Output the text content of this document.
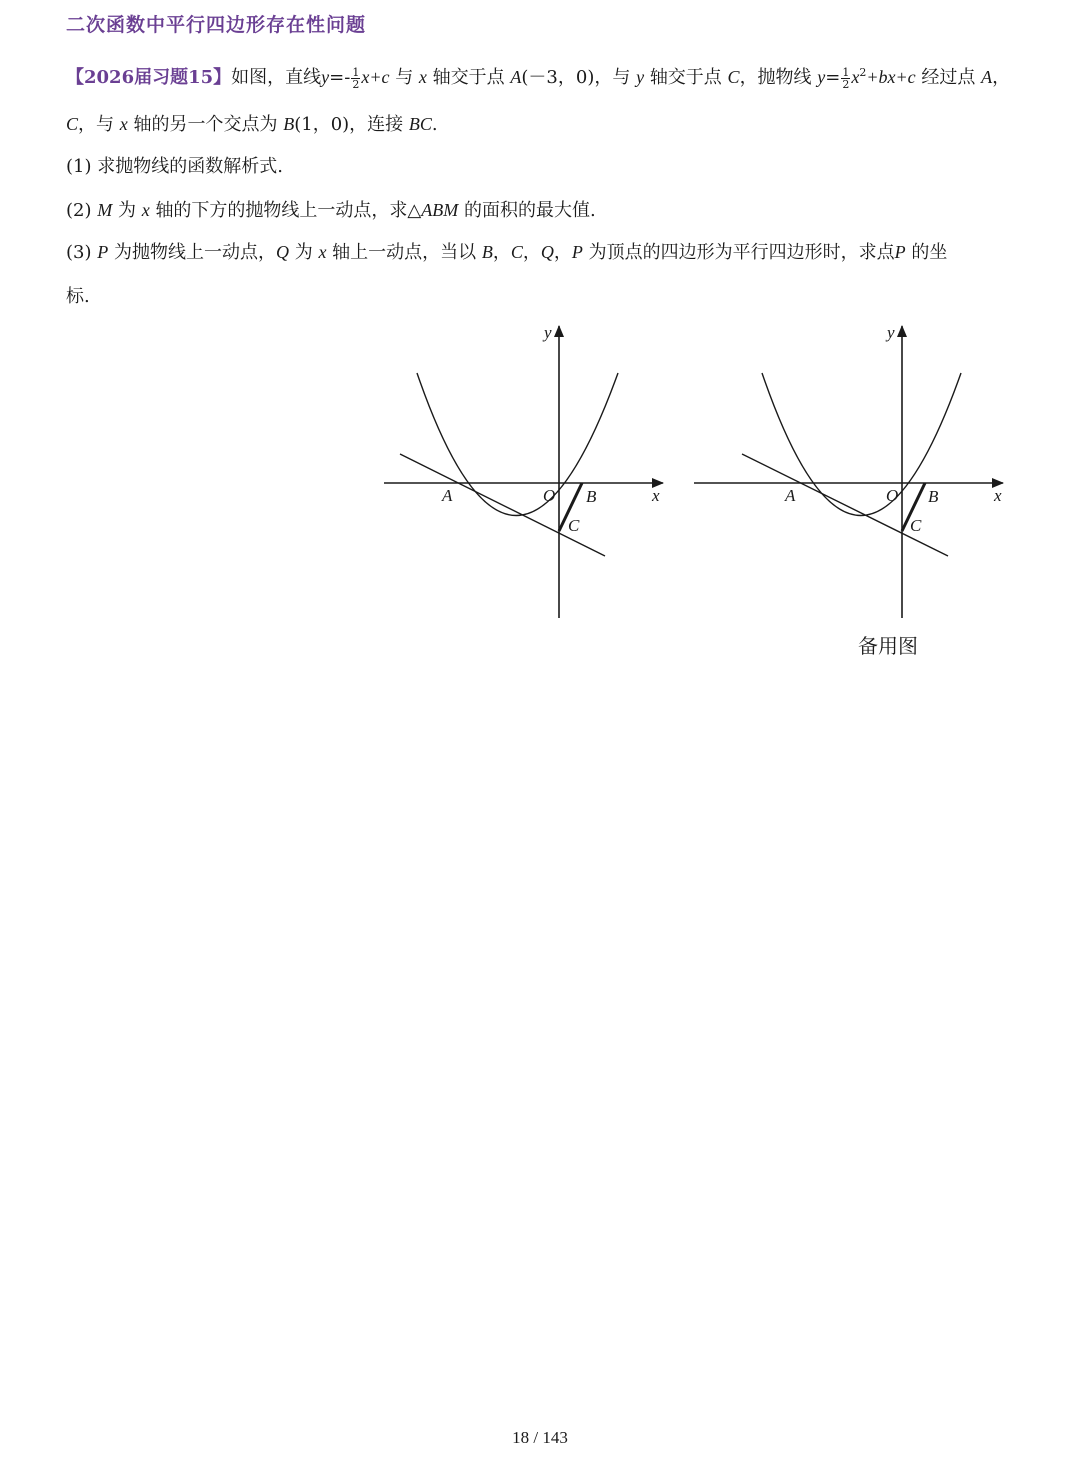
二次函数中平行四边形存在性问题
【2026届习题15】如图，直线$y=- \frac{1}{2} x+c$ 与 x 轴交于点 A(－3，0)，与 y 轴交于点 C，抛物线 $y= \frac{1}{2} x^2+bx+c$ 经过点 A，
C，与 x 轴的另一个交点为 B(1，0)，连接 BC.
(1) 求抛物线的函数解析式.
(2) M 为 x 轴的下方的抛物线上一动点，求△ABM 的面积的最大值.
(3) P 为抛物线上一动点，Q 为 x 轴上一动点，当以 B，C，Q，P 为顶点的四边形为平行四边形时，求点P 的坐
标.
y
x
A	O B
C
y
x
A	O B
C
备用图
18 / 143
